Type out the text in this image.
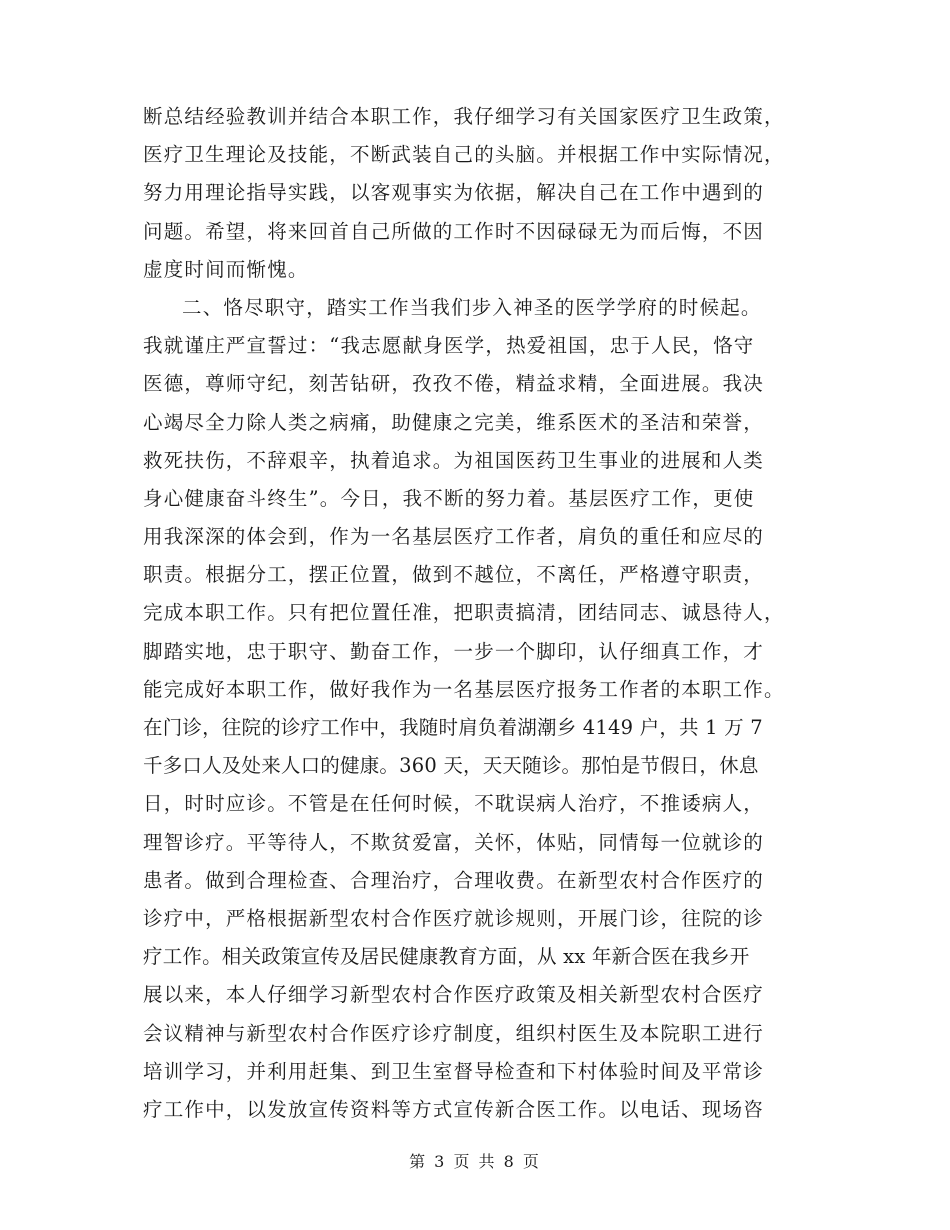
断总结经验教训并结合本职工作，我仔细学习有关国家医疗卫生政策，
医疗卫生理论及技能，不断武装自己的头脑。并根据工作中实际情况，
努力用理论指导实践，以客观事实为依据，解决自己在工作中遇到的
问题。希望，将来回首自己所做的工作时不因碌碌无为而后悔，不因
虚度时间而惭愧。
二、恪尽职守，踏实工作当我们步入神圣的医学学府的时候起。
我就谨庄严宣誓过：“我志愿献身医学，热爱祖国，忠于人民，恪守
医德，尊师守纪，刻苦钻研，孜孜不倦，精益求精，全面进展。我决
心竭尽全力除人类之病痛，助健康之完美，维系医术的圣洁和荣誉，
救死扶伤，不辞艰辛，执着追求。为祖国医药卫生事业的进展和人类
身心健康奋斗终生”。今日，我不断的努力着。基层医疗工作，更使
用我深深的体会到，作为一名基层医疗工作者，肩负的重任和应尽的
职责。根据分工，摆正位置，做到不越位，不离任，严格遵守职责，
完成本职工作。只有把位置任准，把职责搞清，团结同志、诚恳待人，
脚踏实地，忠于职守、勤奋工作，一步一个脚印，认仔细真工作，才
能完成好本职工作，做好我作为一名基层医疗报务工作者的本职工作。
在门诊，往院的诊疗工作中，我随时肩负着湖潮乡 4149 户，共 1 万 7
千多口人及处来人口的健康。360 天，天天随诊。那怕是节假日，休息
日，时时应诊。不管是在任何时候，不耽误病人治疗，不推诿病人，
理智诊疗。平等待人，不欺贫爱富，关怀，体贴，同情每一位就诊的
患者。做到合理检查、合理治疗，合理收费。在新型农村合作医疗的
诊疗中，严格根据新型农村合作医疗就诊规则，开展门诊，往院的诊
疗工作。相关政策宣传及居民健康教育方面，从 xx 年新合医在我乡开
展以来，本人仔细学习新型农村合作医疗政策及相关新型农村合医疗
会议精神与新型农村合作医疗诊疗制度，组织村医生及本院职工进行
培训学习，并利用赶集、到卫生室督导检查和下村体验时间及平常诊
疗工作中，以发放宣传资料等方式宣传新合医工作。以电话、现场咨
第 3 页 共 8 页
